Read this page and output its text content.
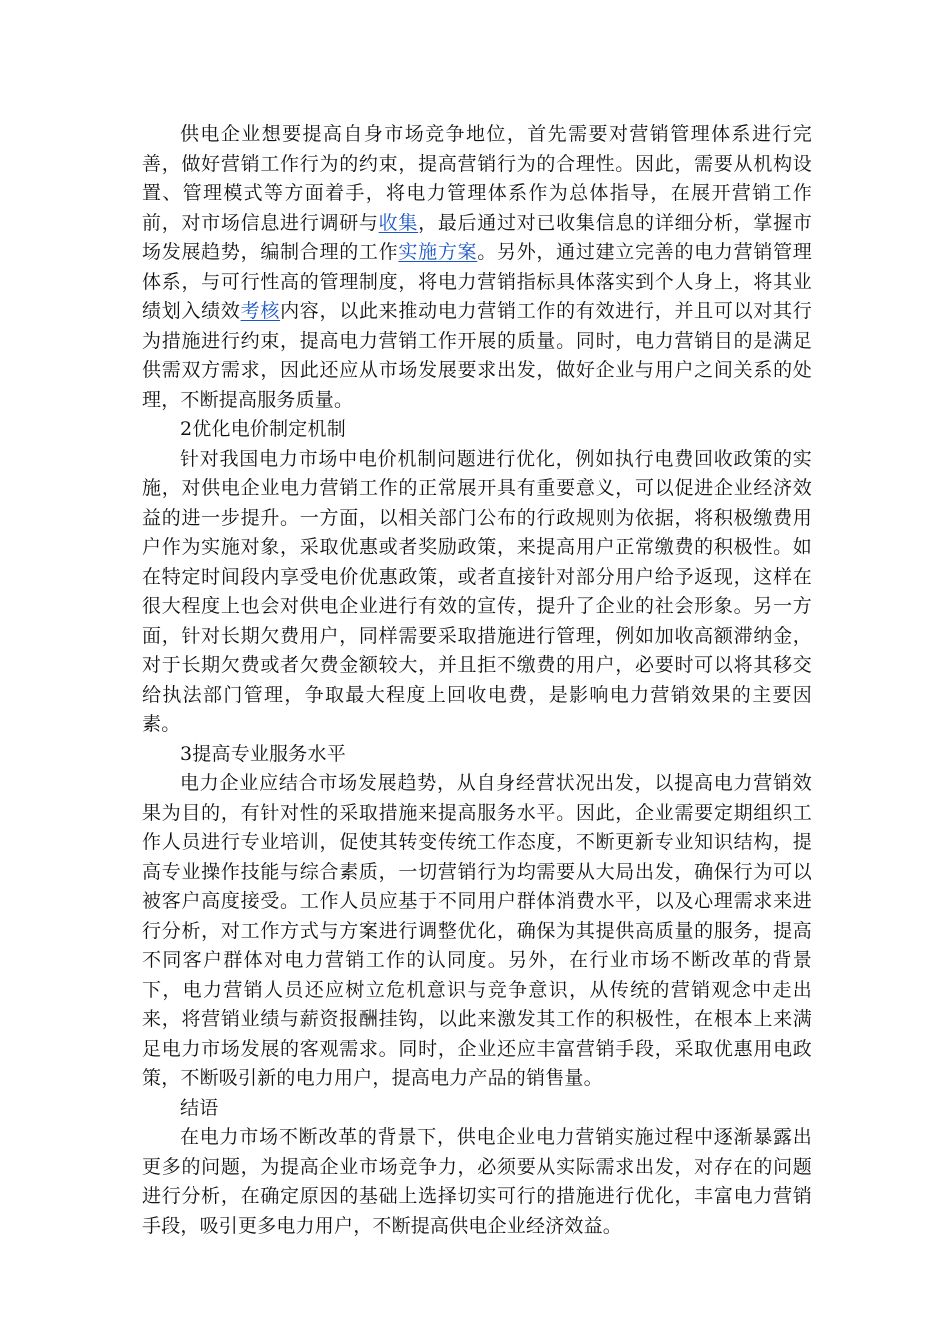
供电企业想要提高自身市场竞争地位，首先需要对营销管理体系进行完善，做好营销工作行为的约束，提高营销行为的合理性。因此，需要从机构设置、管理模式等方面着手，将电力管理体系作为总体指导，在展开营销工作前，对市场信息进行调研与收集，最后通过对已收集信息的详细分析，掌握市场发展趋势，编制合理的工作实施方案。另外，通过建立完善的电力营销管理体系，与可行性高的管理制度，将电力营销指标具体落实到个人身上，将其业绩划入绩效考核内容，以此来推动电力营销工作的有效进行，并且可以对其行为措施进行约束，提高电力营销工作开展的质量。同时，电力营销目的是满足供需双方需求，因此还应从市场发展要求出发，做好企业与用户之间关系的处理，不断提高服务质量。

2优化电价制定机制

针对我国电力市场中电价机制问题进行优化，例如执行电费回收政策的实施，对供电企业电力营销工作的正常展开具有重要意义，可以促进企业经济效益的进一步提升。一方面，以相关部门公布的行政规则为依据，将积极缴费用户作为实施对象，采取优惠或者奖励政策，来提高用户正常缴费的积极性。如在特定时间段内享受电价优惠政策，或者直接针对部分用户给予返现，这样在很大程度上也会对供电企业进行有效的宣传，提升了企业的社会形象。另一方面，针对长期欠费用户，同样需要采取措施进行管理，例如加收高额滞纳金，对于长期欠费或者欠费金额较大，并且拒不缴费的用户，必要时可以将其移交给执法部门管理，争取最大程度上回收电费，是影响电力营销效果的主要因素。

3提高专业服务水平

电力企业应结合市场发展趋势，从自身经营状况出发，以提高电力营销效果为目的，有针对性的采取措施来提高服务水平。因此，企业需要定期组织工作人员进行专业培训，促使其转变传统工作态度，不断更新专业知识结构，提高专业操作技能与综合素质，一切营销行为均需要从大局出发，确保行为可以被客户高度接受。工作人员应基于不同用户群体消费水平，以及心理需求来进行分析，对工作方式与方案进行调整优化，确保为其提供高质量的服务，提高不同客户群体对电力营销工作的认同度。另外，在行业市场不断改革的背景下，电力营销人员还应树立危机意识与竞争意识，从传统的营销观念中走出来，将营销业绩与薪资报酬挂钩，以此来激发其工作的积极性，在根本上来满足电力市场发展的客观需求。同时，企业还应丰富营销手段，采取优惠用电政策，不断吸引新的电力用户，提高电力产品的销售量。

结语

在电力市场不断改革的背景下，供电企业电力营销实施过程中逐渐暴露出更多的问题，为提高企业市场竞争力，必须要从实际需求出发，对存在的问题进行分析，在确定原因的基础上选择切实可行的措施进行优化，丰富电力营销手段，吸引更多电力用户，不断提高供电企业经济效益。
